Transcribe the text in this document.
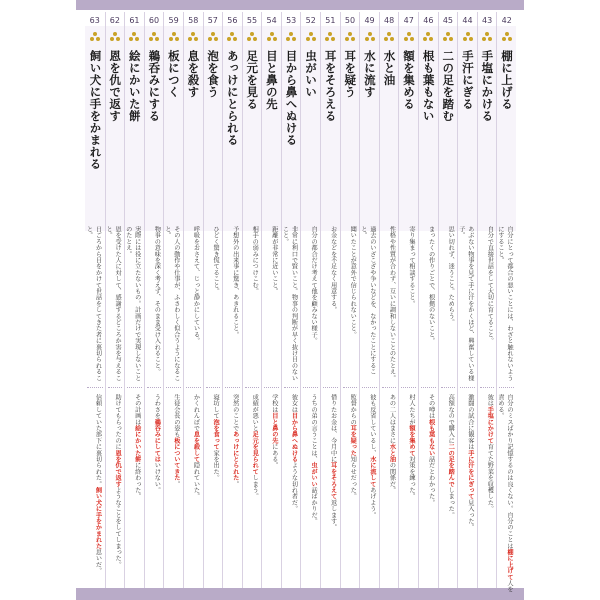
42
棚に上げる
自分にとって都合の悪いことには、わざと触れないようにすること。
自分のミスばかり記憶するのは良くない。自分のことは棚に上げて人を責める。
43
手塩にかける
自分で直接世話をして大切に育てること。
彼は手塩にかけて育てた野菜を収穫した。
44
手汗にぎる
あぶない物事を見て手に汗をかくほど、興奮している様子。
激闘の試合に観客は手に汗をにぎって見入った。
45
二の足を踏む
思い切れず、迷うこと。ためらう。
高額なので購入に二の足を踏んでしまった。
46
根も葉もない
まったくの作りごとで、根拠のないこと。
その噂は根も葉もない話だとわかった。
47
額を集める
寄り集まって相談すること。
村人たちが額を集めて対策を練った。
48
水と油
性格や性質が合わず、互いに調和しないことのたとえ。
あの二人はまさに水と油の関係だ。
49
水に流す
過去のいざこざや争いなどを、なかったことにすること。
彼も反省しているし、水に流してあげよう。
50
耳を疑う
聞いたことが意外で信じられないこと。
監督からの耳を疑った知らせだった。
51
耳をそろえる
お金などを不足なく用意する。
借りたお金は、今月中に耳をそろえて返します。
52
虫がいい
自分の都合だけ考えて他を顧みない様子。
うちの弟の言うことは、虫がいい話ばかりだ。
53
目から鼻へぬける
非常に利口で賢いこと。物事の判断が早く抜け目のないこと。
彼女は目から鼻へぬけるような切れ者だ。
54
目と鼻の先
距離が非常に近いこと。
学校は目と鼻の先にある。
55
足元を見る
相手の弱みにつけこむ。
成績が悪いと足元を見られてしまう。
56
あっけにとられる
予想外の出来事に驚き、あきれること。
突然のことであっけにとられた。
57
泡を食う
ひどく驚き慌てること。
寝坊して泡を食って家を出た。
58
息を殺す
呼吸をおさえて、じっと静かにしている。
かくれんぼで息を殺して隠れていた。
59
板につく
その人の動作や仕事が、ふさわしく似合うようになること。
生徒会長の姿も板についてきた。
60
鵜呑みにする
物事の意味を深く考えず、そのまま受け入れること。
うわさを鵜呑みにしてはいけない。
61
絵にかいた餅
実際には役に立たないもの。計画だけで実現しないことのたとえ。
その計画は絵にかいた餅に終わった。
62
恩を仇で返す
恩を受けた人に対して、感謝するどころか害を与えること。
助けてもらったのに恩を仇で返すようなことをしてしまった。
63
飼い犬に手をかまれる
日ごろから目をかけて世話をしてきた者に裏切られること。
信頼していた部下に裏切られた。飼い犬に手をかまれた思いだ。
